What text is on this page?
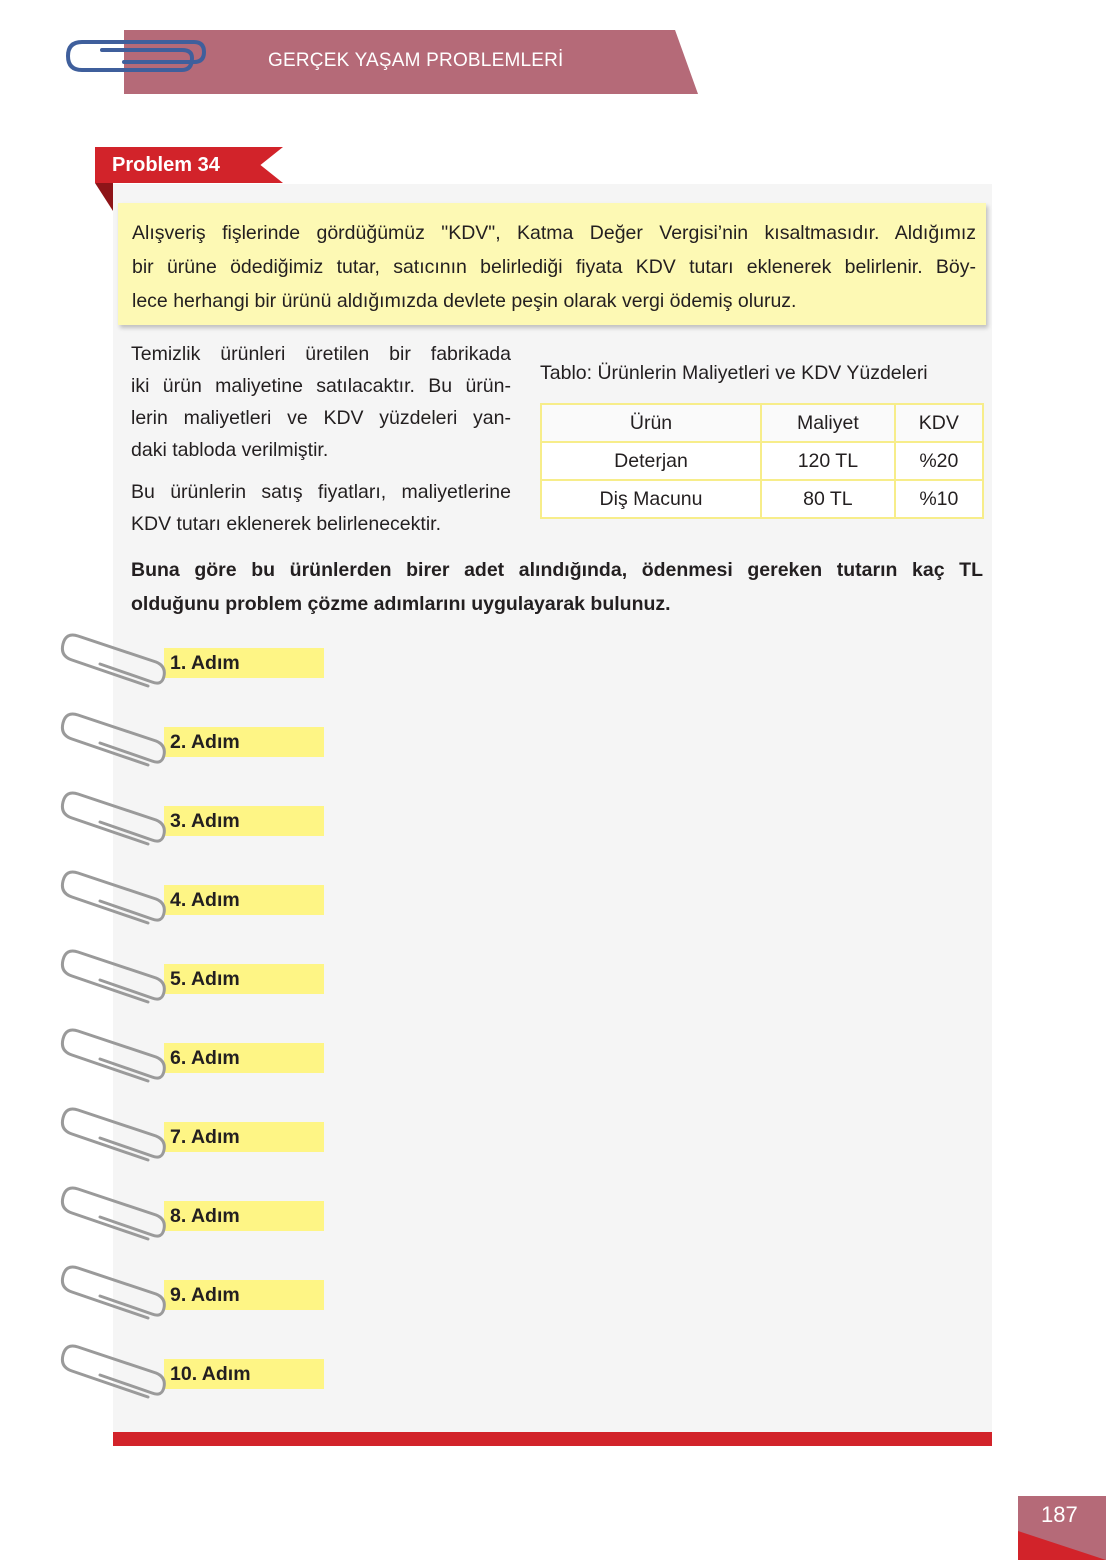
GERÇEK YAŞAM PROBLEMLERİ
Problem 34
Alışveriş fişlerinde gördüğümüz "KDV", Katma Değer Vergisi’nin kısaltmasıdır. Aldığımız
bir ürüne ödediğimiz tutar, satıcının belirlediği fiyata KDV tutarı eklenerek belirlenir. Böy-
lece herhangi bir ürünü aldığımızda devlete peşin olarak vergi ödemiş oluruz.
Temizlik ürünleri üretilen bir fabrikada
iki ürün maliyetine satılacaktır. Bu ürün-
lerin maliyetleri ve KDV yüzdeleri yan-
daki tabloda verilmiştir.
Bu ürünlerin satış fiyatları, maliyetlerine
KDV tutarı eklenerek belirlenecektir.
Tablo: Ürünlerin Maliyetleri ve KDV Yüzdeleri
Ürün	Maliyet	KDV
Deterjan	120 TL	%20
Diş Macunu	80 TL	%10
Buna göre bu ürünlerden birer adet alındığında, ödenmesi gereken tutarın kaç TL
olduğunu problem çözme adımlarını uygulayarak bulunuz.
1. Adım
2. Adım
3. Adım
4. Adım
5. Adım
6. Adım
7. Adım
8. Adım
9. Adım
10. Adım
187
